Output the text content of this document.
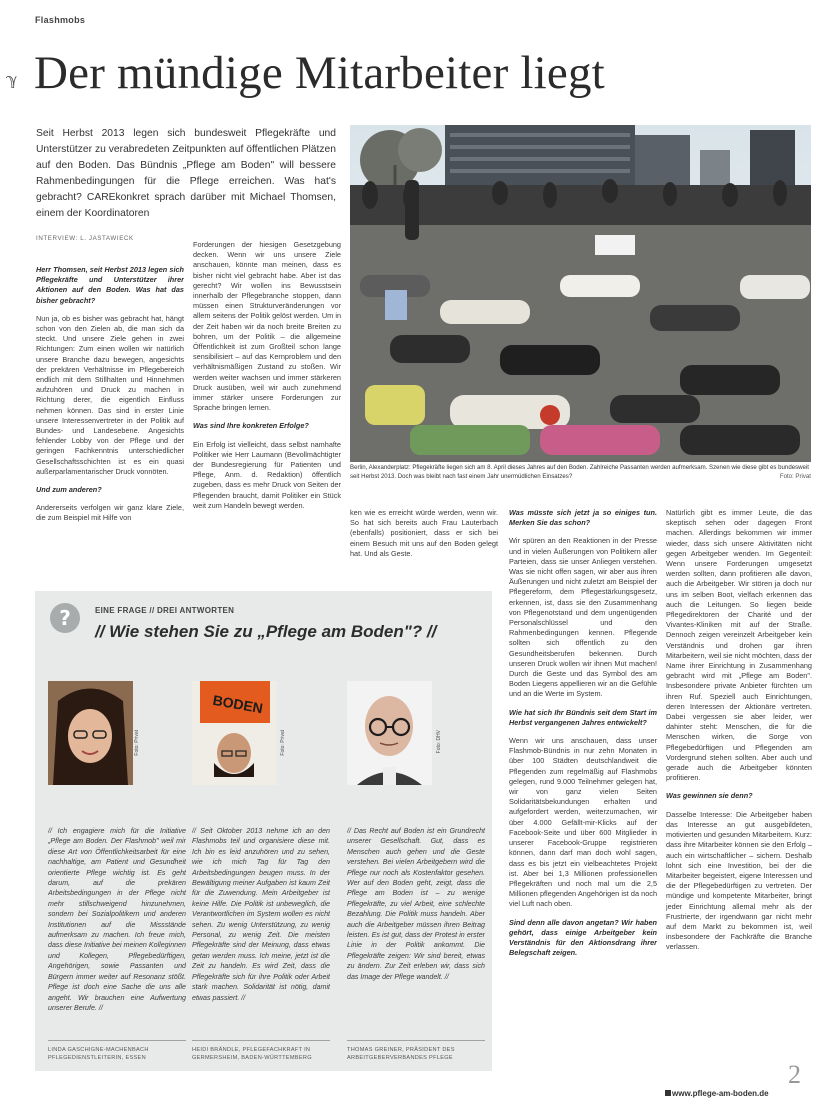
Flashmobs
ℽ Der mündige Mitarbeiter liegt
Seit Herbst 2013 legen sich bundesweit Pflegekräfte und Unterstützer zu verabredeten Zeitpunkten auf öffentlichen Plätzen auf den Boden. Das Bündnis „Pflege am Boden" will bessere Rahmenbedingungen für die Pflege erreichen. Was hat's gebracht? CAREkonkret sprach darüber mit Michael Thomsen, einem der Koordinatoren
INTERVIEW: L. JASTAWIECK
Berlin, Alexanderplatz: Pflegekräfte liegen sich am 8. April dieses Jahres auf den Boden. Zahlreiche Passanten werden aufmerksam. Szenen wie diese gibt es bundesweit seit Herbst 2013. Doch was bleibt nach fast einem Jahr unermüdlichen Einsatzes?	Foto: Privat

Herr Thomsen, seit Herbst 2013 legen sich Pflegekräfte und Unterstützer ihrer Aktionen auf den Boden. Was hat das bisher gebracht?

Nun ja, ob es bisher was gebracht hat, hängt schon von den Zielen ab, die man sich da steckt. Und unsere Ziele gehen in zwei Richtungen: Zum einen wollen wir natürlich unsere Branche dazu bewegen, angesichts der prekären Verhältnisse im Pflegebereich endlich mit dem Stillhalten und Hinnehmen aufzuhören und Druck zu machen in Richtung derer, die eigentlich Einfluss nehmen können. Das sind in erster Linie unsere Interessenvertreter in der Politik auf Bundes- und Landesebene. Angesichts fehlender Lobby von der Pflege und der geringen Fachkenntnis unterschiedlicher Gesellschaftsschichten ist es ein quasi außerparlamentarischer Druck vonnöten.

Und zum anderen?

Andererseits verfolgen wir ganz klare Ziele, die zum Beispiel mit Hilfe von

Forderungen der hiesigen Gesetzgebung decken. Wenn wir uns unsere Ziele anschauen, könnte man meinen, dass es bisher nicht viel gebracht habe. Aber ist das gerecht? Wir wollen ins Bewusstsein innerhalb der Pflegebranche stoppen, dann müssen einen Strukturveränderungen vor allem seitens der Politik gelöst werden. Um in der Zeit haben wir da noch breite Breiten zu bohren, um der Politik – die allgemeine Öffentlichkeit ist zum Großteil schon lange sensibilisiert – auf das Kernproblem und den verhältnismäßigen Zustand zu stoßen. Wir werden weiter wachsen und immer stärkeren Druck ausüben, weil wir auch zunehmend immer stärker unsere Forderungen zur Sprache bringen lernen.

Was sind Ihre konkreten Erfolge?

Ein Erfolg ist vielleicht, dass selbst namhafte Politiker wie Herr Laumann (Bevollmächtigter der Bundesregierung für Patienten und Pflege, Anm. d. Redaktion) öffentlich zugeben, dass es mehr Druck von Seiten der Pflegenden braucht, damit Politiker ein Stück weit zum Handeln bewegt werden.

ken wie es erreicht würde werden, wenn wir. So hat sich bereits auch Frau Lauterbach (ebenfalls) positioniert, dass er sich bei einem Besuch mit uns auf den Boden gelegt hat. Und als Geste.

Was müsste sich jetzt ja so einiges tun. Merken Sie das schon?

Wir spüren an den Reaktionen in der Presse und in vielen Äußerungen von Politikern aller Parteien, dass sie unser Anliegen verstehen. Was sie nicht offen sagen, wir aber aus ihren Äußerungen und nicht zuletzt am Beispiel der Pflegereform, dem Pflegestärkungsgesetz, erkennen, ist, dass sie den Zusammenhang von Pflegenotstand und dem ungenügenden Personalschlüssel und den Rahmenbedingungen kennen. Pflegende sollten sich öffentlich zu den Gesundheitsberufen bekennen. Durch unseren Druck wollen wir ihnen Mut machen! Durch die Geste und das Symbol des am Boden Liegens appellieren wir an die Gefühle und an die Werte im System.

Wie hat sich Ihr Bündnis seit dem Start im Herbst vergangenen Jahres entwickelt?

Wenn wir uns anschauen, dass unser Flashmob-Bündnis in nur zehn Monaten in über 100 Städten deutschlandweit die Pflegenden zum regelmäßig auf Flashmobs gelegen, rund 9.000 Teilnehmer gelegen hat, wir von ganz vielen Seiten Solidaritätsbekundungen erhalten und aufgefordert werden, weiterzumachen, wir über 4.000 Gefällt-mir-Klicks auf der Facebook-Seite und über 600 Mitglieder in unserer Facebook-Gruppe registrieren können, dann darf man doch wohl sagen, dass es bis jetzt ein vielbeachtetes Projekt ist. Aber bei 1,3 Millionen professionellen Pflegekräften und noch mal um die 2,5 Millionen pflegenden Angehörigen ist da noch viel Luft nach oben.

Sind denn alle davon angetan? Wir haben gehört, dass einige Arbeitgeber kein Verständnis für den Aktionsdrang ihrer Belegschaft zeigen.

Natürlich gibt es immer Leute, die das skeptisch sehen oder dagegen Front machen. Allerdings bekommen wir immer wieder, dass sich unsere Aktivitäten nicht gegen Arbeitgeber wenden. Im Gegenteil: Wenn unsere Forderungen umgesetzt werden sollten, dann profitieren alle davon, auch die Arbeitgeber. Wir stören ja doch nur uns im selben Boot, vielfach erkennen das auch die Leitungen. So liegen beide Pflegedirektoren der Charité und der Vivantes-Kliniken mit auf der Straße. Dennoch zeigen vereinzelt Arbeitgeber kein Verständnis und drohen gar ihren Mitarbeitern, weil sie nicht möchten, dass der Name ihrer Einrichtung in Zusammenhang gebracht wird mit „Pflege am Boden". Insbesondere private Anbieter fürchten um ihren Ruf. Speziell auch Einrichtungen, deren Interessen der Aktionäre vertreten. Dabei vergessen sie aber leider, wer dahinter steht: Menschen, die für die Menschen wirken, die Sorge von Pflegebedürftigen und Pflegenden am Vordergrund stehen sollten. Aber auch und gerade auch die Arbeitgeber könnten profitieren.

Was gewinnen sie denn?

Dasselbe Interesse: Die Arbeitgeber haben das Interesse an gut ausgebildeten, motivierten und gesunden Mitarbeitern. Kurz: dass ihre Mitarbeiter können sie den Erfolg – auch ein wirtschaftlicher – sichern. Deshalb lohnt sich eine Investition, bei der die Mitarbeiter begeistert, eigene Interessen und die der Pflegebedürftigen zu vertreten. Der mündige und kompetente Mitarbeiter, bringt jeder Einrichtung allemal mehr als der Frustrierte, der irgendwann gar nicht mehr auf dem Markt zu bekommen ist, weil insbesondere der Fachkräfte die Branche verlassen.

?	EINE FRAGE // DREI ANTWORTEN
// Wie stehen Sie zu „Pflege am Boden"? //
Foto: Privat
BODEN
Foto: Privat	Foto: DHV
// Ich engagiere mich für die Initiative „Pflege am Boden. Der Flashmob" weil mir diese Art von Öffentlichkeitsarbeit für eine nachhaltige, am Patient und Gesundheit orientierte Pflege wichtig ist. Es geht darum, auf die prekären Arbeitsbedingungen in der Pflege nicht mehr stillschweigend hinzunehmen, sondern bei Sozialpolitikern und anderen Institutionen auf die Missstände aufmerksam zu machen. Ich freue mich, dass diese Initiative bei meinen Kolleginnen und Kollegen, Pflegebedürftigen, Angehörigen, sowie Passanten und Bürgern immer weiter auf Resonanz stößt. Pflege ist doch eine Sache die uns alle angeht. Wir brauchen eine Aufwertung unserer Berufe. //
// Seit Oktober 2013 nehme ich an den Flashmobs teil und organisiere diese mit. Ich bin es leid anzuhören und zu sehen, wie ich mich Tag für Tag den Arbeitsbedingungen beugen muss. In der Bewältigung meiner Aufgaben ist kaum Zeit für die Zuwendung. Mein Arbeitgeber ist keine Hilfe. Die Politik ist unbeweglich, die Verantwortlichen im System wollen es nicht sehen. Zu wenig Unterstützung, zu wenig Personal, zu wenig Zeit. Die meisten Pflegekräfte sind der Meinung, dass etwas getan werden muss. Ich meine, jetzt ist die Zeit zu handeln. Es wird Zeit, dass die Pflegekräfte sich für ihre Politik oder Arbeit stark machen. Solidarität ist nötig, damit etwas passiert. //
// Das Recht auf Boden ist ein Grundrecht unserer Gesellschaft. Gut, dass es Menschen auch gehen und die Geste verstehen. Bei vielen Arbeitgebern wird die Pflege nur noch als Kostenfaktor gesehen. Wer auf den Boden geht, zeigt, dass die Pflege am Boden ist – zu wenige Pflegekräfte, zu viel Arbeit, eine schlechte Bezahlung. Die Politik muss handeln. Aber auch die Arbeitgeber müssen ihren Beitrag leisten. Es ist gut, dass der Protest in erster Linie in der Politik ankommt. Die Pflegekräfte zeigen: Wir sind bereit, etwas zu ändern. Zur Zeit erleben wir, dass sich das Image der Pflege wandelt. //
LINDA GASCHIGNE-MACHENBACH
PFLEGEDIENSTLEITERIN, ESSEN
HEIDI BRÄNDLE, PFLEGEFACHKRAFT IN
GERMERSHEIM, BADEN-WÜRTTEMBERG
THOMAS GREINER, PRÄSIDENT DES
ARBEITGEBERVERBANDES PFLEGE
2
www.pflege-am-boden.de
